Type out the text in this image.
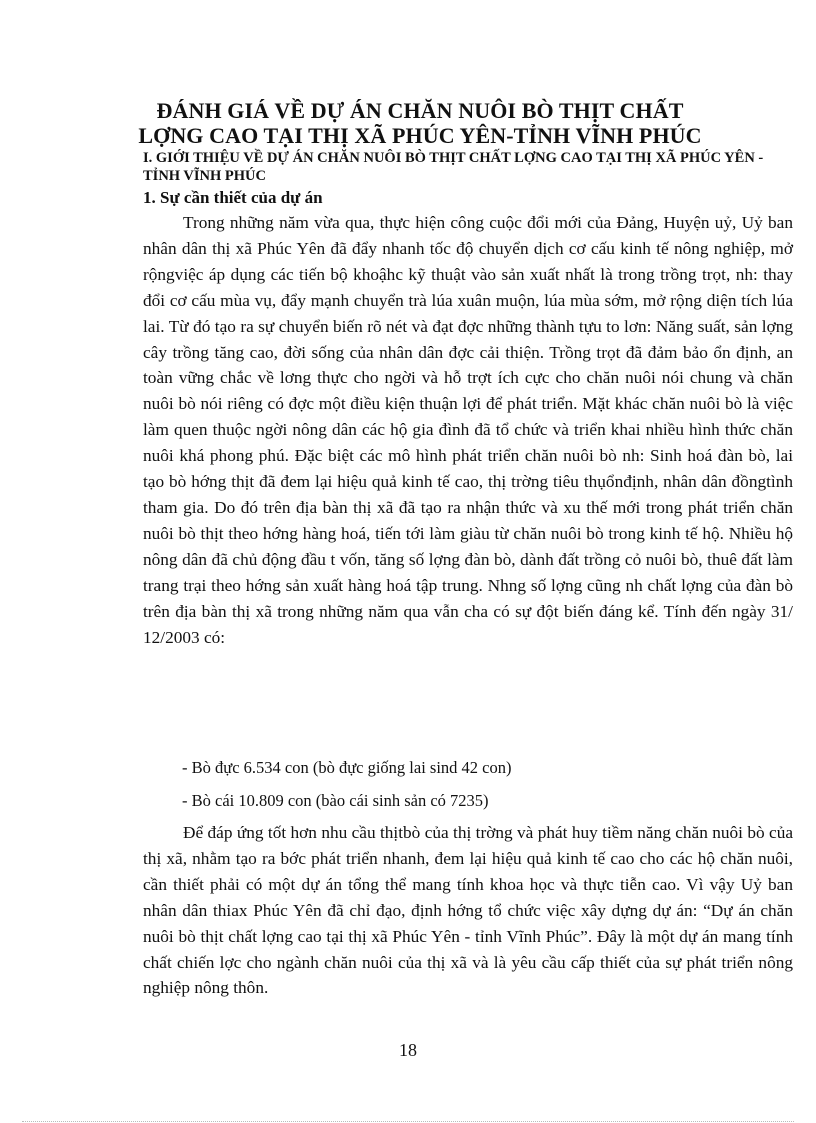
ĐÁNH GIÁ VỀ DỰ ÁN CHĂN NUÔI BÒ THỊT CHẤT LỢNG CAO TẠI THỊ XÃ PHÚC YÊN-TỈNH VĨNH PHÚC
I. GIỚI THIỆU VỀ DỰ ÁN CHĂN NUÔI BÒ THỊT CHẤT LỢNG CAO TẠI THỊ XÃ PHÚC YÊN - TỈNH VĨNH PHÚC
1. Sự cần thiết của dự án

Trong những năm vừa qua, thực hiện công cuộc đổi mới của Đảng, Huyện uỷ, Uỷ ban nhân dân thị xã Phúc Yên đã đẩy nhanh tốc độ chuyển dịch cơ cấu kinh tế nông nghiệp, mở rộngviệc áp dụng các tiến bộ khoậhc kỹ thuật vào sản xuất nhất là trong trồng trọt, nh: thay đổi cơ cấu mùa vụ, đẩy mạnh chuyển trà lúa xuân muộn, lúa mùa sớm, mở rộng diện tích lúa lai. Từ đó tạo ra sự chuyển biến rõ nét và đạt đợc những thành tựu to lơn: Năng suất, sản lợng cây trồng tăng cao, đời sống của nhân dân đợc cải thiện. Trồng trọt đã đảm bảo ổn định, an toàn vững chắc về lơng thực cho ngời và hỗ trợt ích cực cho chăn nuôi nói chung và chăn nuôi bò nói riêng có đợc một điều kiện thuận lợi để phát triển. Mặt khác chăn nuôi bò là việc làm quen thuộc ngời nông dân các hộ gia đình đã tổ chức và triển khai nhiều hình thức chăn nuôi khá phong phú. Đặc biệt các mô hình phát triển chăn nuôi bò nh: Sinh hoá đàn bò, lai tạo bò hớng thịt đã đem lại hiệu quả kinh tế cao, thị trờng tiêu thụổnđịnh, nhân dân đồngtình tham gia. Do đó trên địa bàn thị xã đã tạo ra nhận thức và xu thế mới trong phát triển chăn nuôi bò thịt theo hớng hàng hoá, tiến tới làm giàu từ chăn nuôi bò trong kinh tế hộ. Nhiều hộ nông dân đã chủ động đầu t vốn, tăng số lợng đàn bò, dành đất trồng cỏ nuôi bò, thuê đất làm trang trại theo hớng sản xuất hàng hoá tập trung. Nhng số lợng cũng nh chất lợng của đàn bò trên địa bàn thị xã trong những năm qua vẫn cha có sự đột biến đáng kể. Tính đến ngày 31/ 12/2003 có:

- Bò đực 6.534 con (bò đực giống lai sind 42 con)

- Bò cái 10.809 con (bào cái sinh sản có 7235)

Để đáp ứng tốt hơn nhu cầu thịtbò của thị trờng và phát huy tiềm năng chăn nuôi bò của thị xã, nhằm tạo ra bớc phát triển nhanh, đem lại hiệu quả kinh tế cao cho các hộ chăn nuôi, cần thiết phải có một dự án tổng thể mang tính khoa học và thực tiễn cao. Vì vậy Uỷ ban nhân dân thiax Phúc Yên đã chỉ đạo, định hớng tổ chức việc xây dựng dự án: “Dự án chăn nuôi bò thịt chất lợng cao tại thị xã Phúc Yên - tỉnh Vĩnh Phúc”. Đây là một dự án mang tính chất chiến lợc cho ngành chăn nuôi của thị xã và là yêu cầu cấp thiết của sự phát triển nông nghiệp nông thôn.

18
